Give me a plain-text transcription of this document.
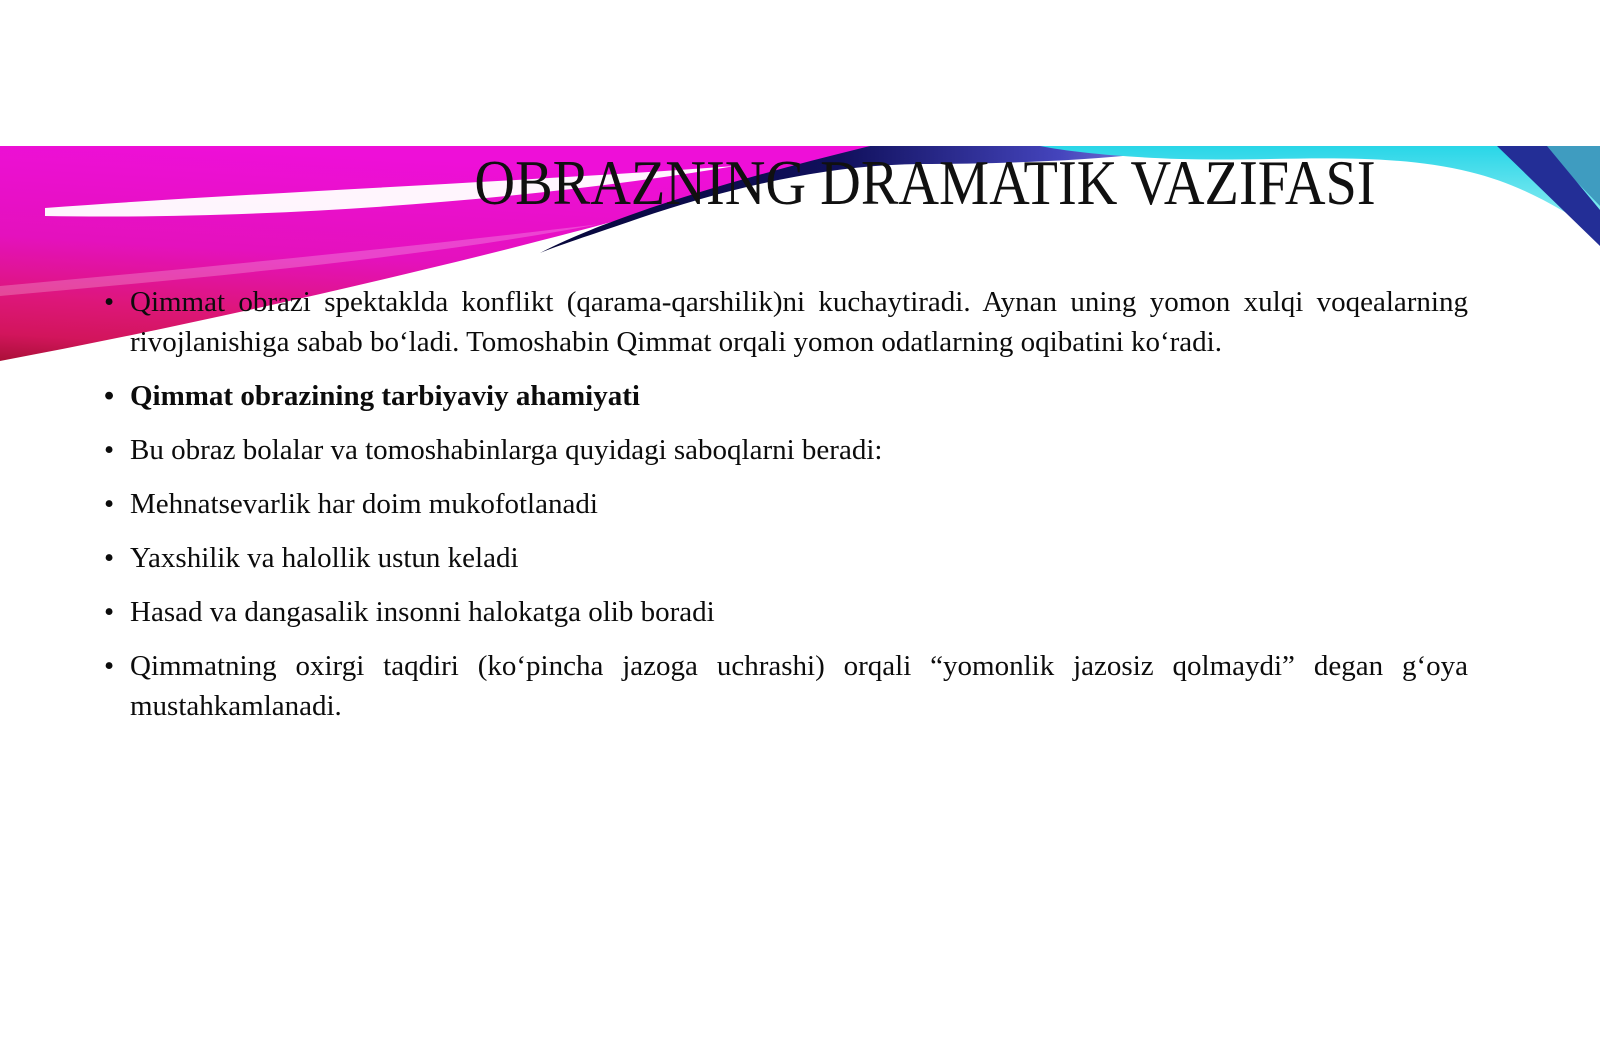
OBRAZNING DRAMATIK VAZIFASI
• Qimmat obrazi spektaklda konflikt (qarama-qarshilik)ni kuchaytiradi. Aynan uning yomon xulqi voqealarning rivojlanishiga sabab bo‘ladi. Tomoshabin Qimmat orqali yomon odatlarning oqibatini ko‘radi.
• Qimmat obrazining tarbiyaviy ahamiyati
• Bu obraz bolalar va tomoshabinlarga quyidagi saboqlarni beradi:
• Mehnatsevarlik har doim mukofotlanadi
• Yaxshilik va halollik ustun keladi
• Hasad va dangasalik insonni halokatga olib boradi
• Qimmatning oxirgi taqdiri (ko‘pincha jazoga uchrashi) orqali “yomonlik jazosiz qolmaydi” degan g‘oya mustahkamlanadi.
